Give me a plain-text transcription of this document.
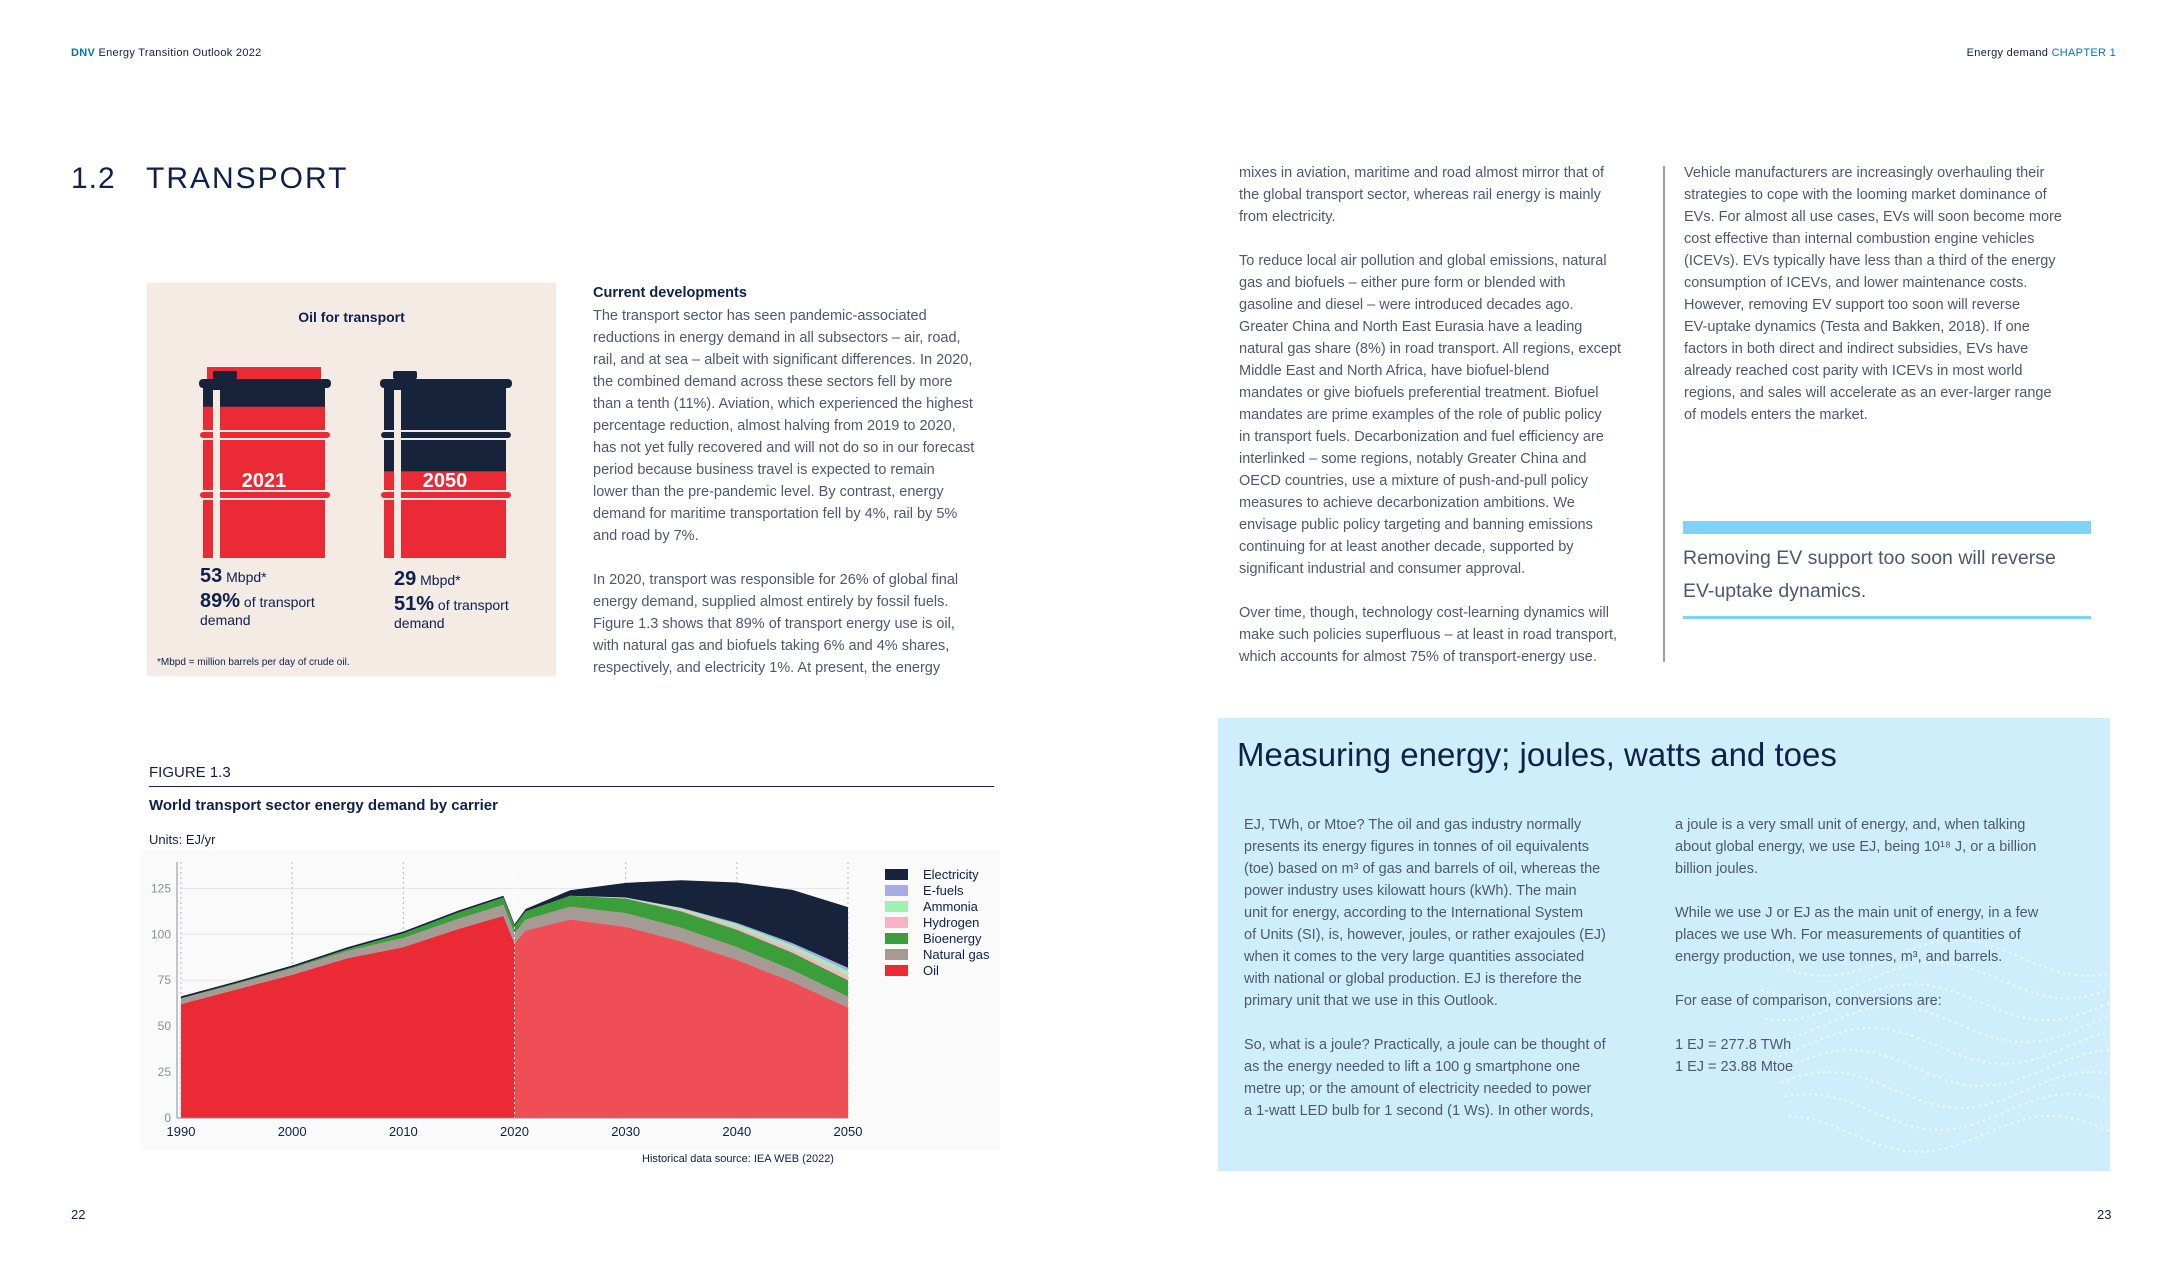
DNV Energy Transition Outlook 2022	Energy demand CHAPTER 1
1.2 TRANSPORT
Oil for transport
2021	2050
53 Mbpd*
89% of transport
demand
29 Mbpd*
51% of transport
demand
*Mbpd = million barrels per day of crude oil.
Current developments
The transport sector has seen pandemic-associated
reductions in energy demand in all subsectors – air, road,
rail, and at sea – albeit with significant differences. In 2020,
the combined demand across these sectors fell by more
than a tenth (11%). Aviation, which experienced the highest
percentage reduction, almost halving from 2019 to 2020,
has not yet fully recovered and will not do so in our forecast
period because business travel is expected to remain
lower than the pre-pandemic level. By contrast, energy
demand for maritime transportation fell by 4%, rail by 5%
and road by 7%.
In 2020, transport was responsible for 26% of global final
energy demand, supplied almost entirely by fossil fuels.
Figure 1.3 shows that 89% of transport energy use is oil,
with natural gas and biofuels taking 6% and 4% shares,
respectively, and electricity 1%. At present, the energy
mixes in aviation, maritime and road almost mirror that of
the global transport sector, whereas rail energy is mainly
from electricity.
To reduce local air pollution and global emissions, natural
gas and biofuels – either pure form or blended with
gasoline and diesel – were introduced decades ago.
Greater China and North East Eurasia have a leading
natural gas share (8%) in road transport. All regions, except
Middle East and North Africa, have biofuel-blend
mandates or give biofuels preferential treatment. Biofuel
mandates are prime examples of the role of public policy
in transport fuels. Decarbonization and fuel efficiency are
interlinked – some regions, notably Greater China and
OECD countries, use a mixture of push-and-pull policy
measures to achieve decarbonization ambitions. We
envisage public policy targeting and banning emissions
continuing for at least another decade, supported by
significant industrial and consumer approval.
Over time, though, technology cost-learning dynamics will
make such policies superfluous – at least in road transport,
which accounts for almost 75% of transport-energy use.
Vehicle manufacturers are increasingly overhauling their
strategies to cope with the looming market dominance of
EVs. For almost all use cases, EVs will soon become more
cost effective than internal combustion engine vehicles
(ICEVs). EVs typically have less than a third of the energy
consumption of ICEVs, and lower maintenance costs.
However, removing EV support too soon will reverse
EV-uptake dynamics (Testa and Bakken, 2018). If one
factors in both direct and indirect subsidies, EVs have
already reached cost parity with ICEVs in most world
regions, and sales will accelerate as an ever-larger range
of models enters the market.
Removing EV support too soon will reverse EV-uptake dynamics.
FIGURE 1.3
World transport sector energy demand by carrier
Units: EJ/yr
0
25
50
75
100
125
1990	2000	2010	2020	2030	2040	2050
Electricity
E-fuels
Ammonia
Hydrogen
Bioenergy
Natural gas
Oil
Historical data source: IEA WEB (2022)
Measuring energy; joules, watts and toes
EJ, TWh, or Mtoe? The oil and gas industry normally
presents its energy figures in tonnes of oil equivalents
(toe) based on m³ of gas and barrels of oil, whereas the
power industry uses kilowatt hours (kWh). The main
unit for energy, according to the International System
of Units (SI), is, however, joules, or rather exajoules (EJ)
when it comes to the very large quantities associated
with national or global production. EJ is therefore the
primary unit that we use in this Outlook.
So, what is a joule? Practically, a joule can be thought of
as the energy needed to lift a 100 g smartphone one
metre up; or the amount of electricity needed to power
a 1-watt LED bulb for 1 second (1 Ws). In other words,
a joule is a very small unit of energy, and, when talking
about global energy, we use EJ, being 10¹⁸ J, or a billion
billion joules.
While we use J or EJ as the main unit of energy, in a few
places we use Wh. For measurements of quantities of
energy production, we use tonnes, m³, and barrels.
For ease of comparison, conversions are:
1 EJ = 277.8 TWh
1 EJ = 23.88 Mtoe
22	23
